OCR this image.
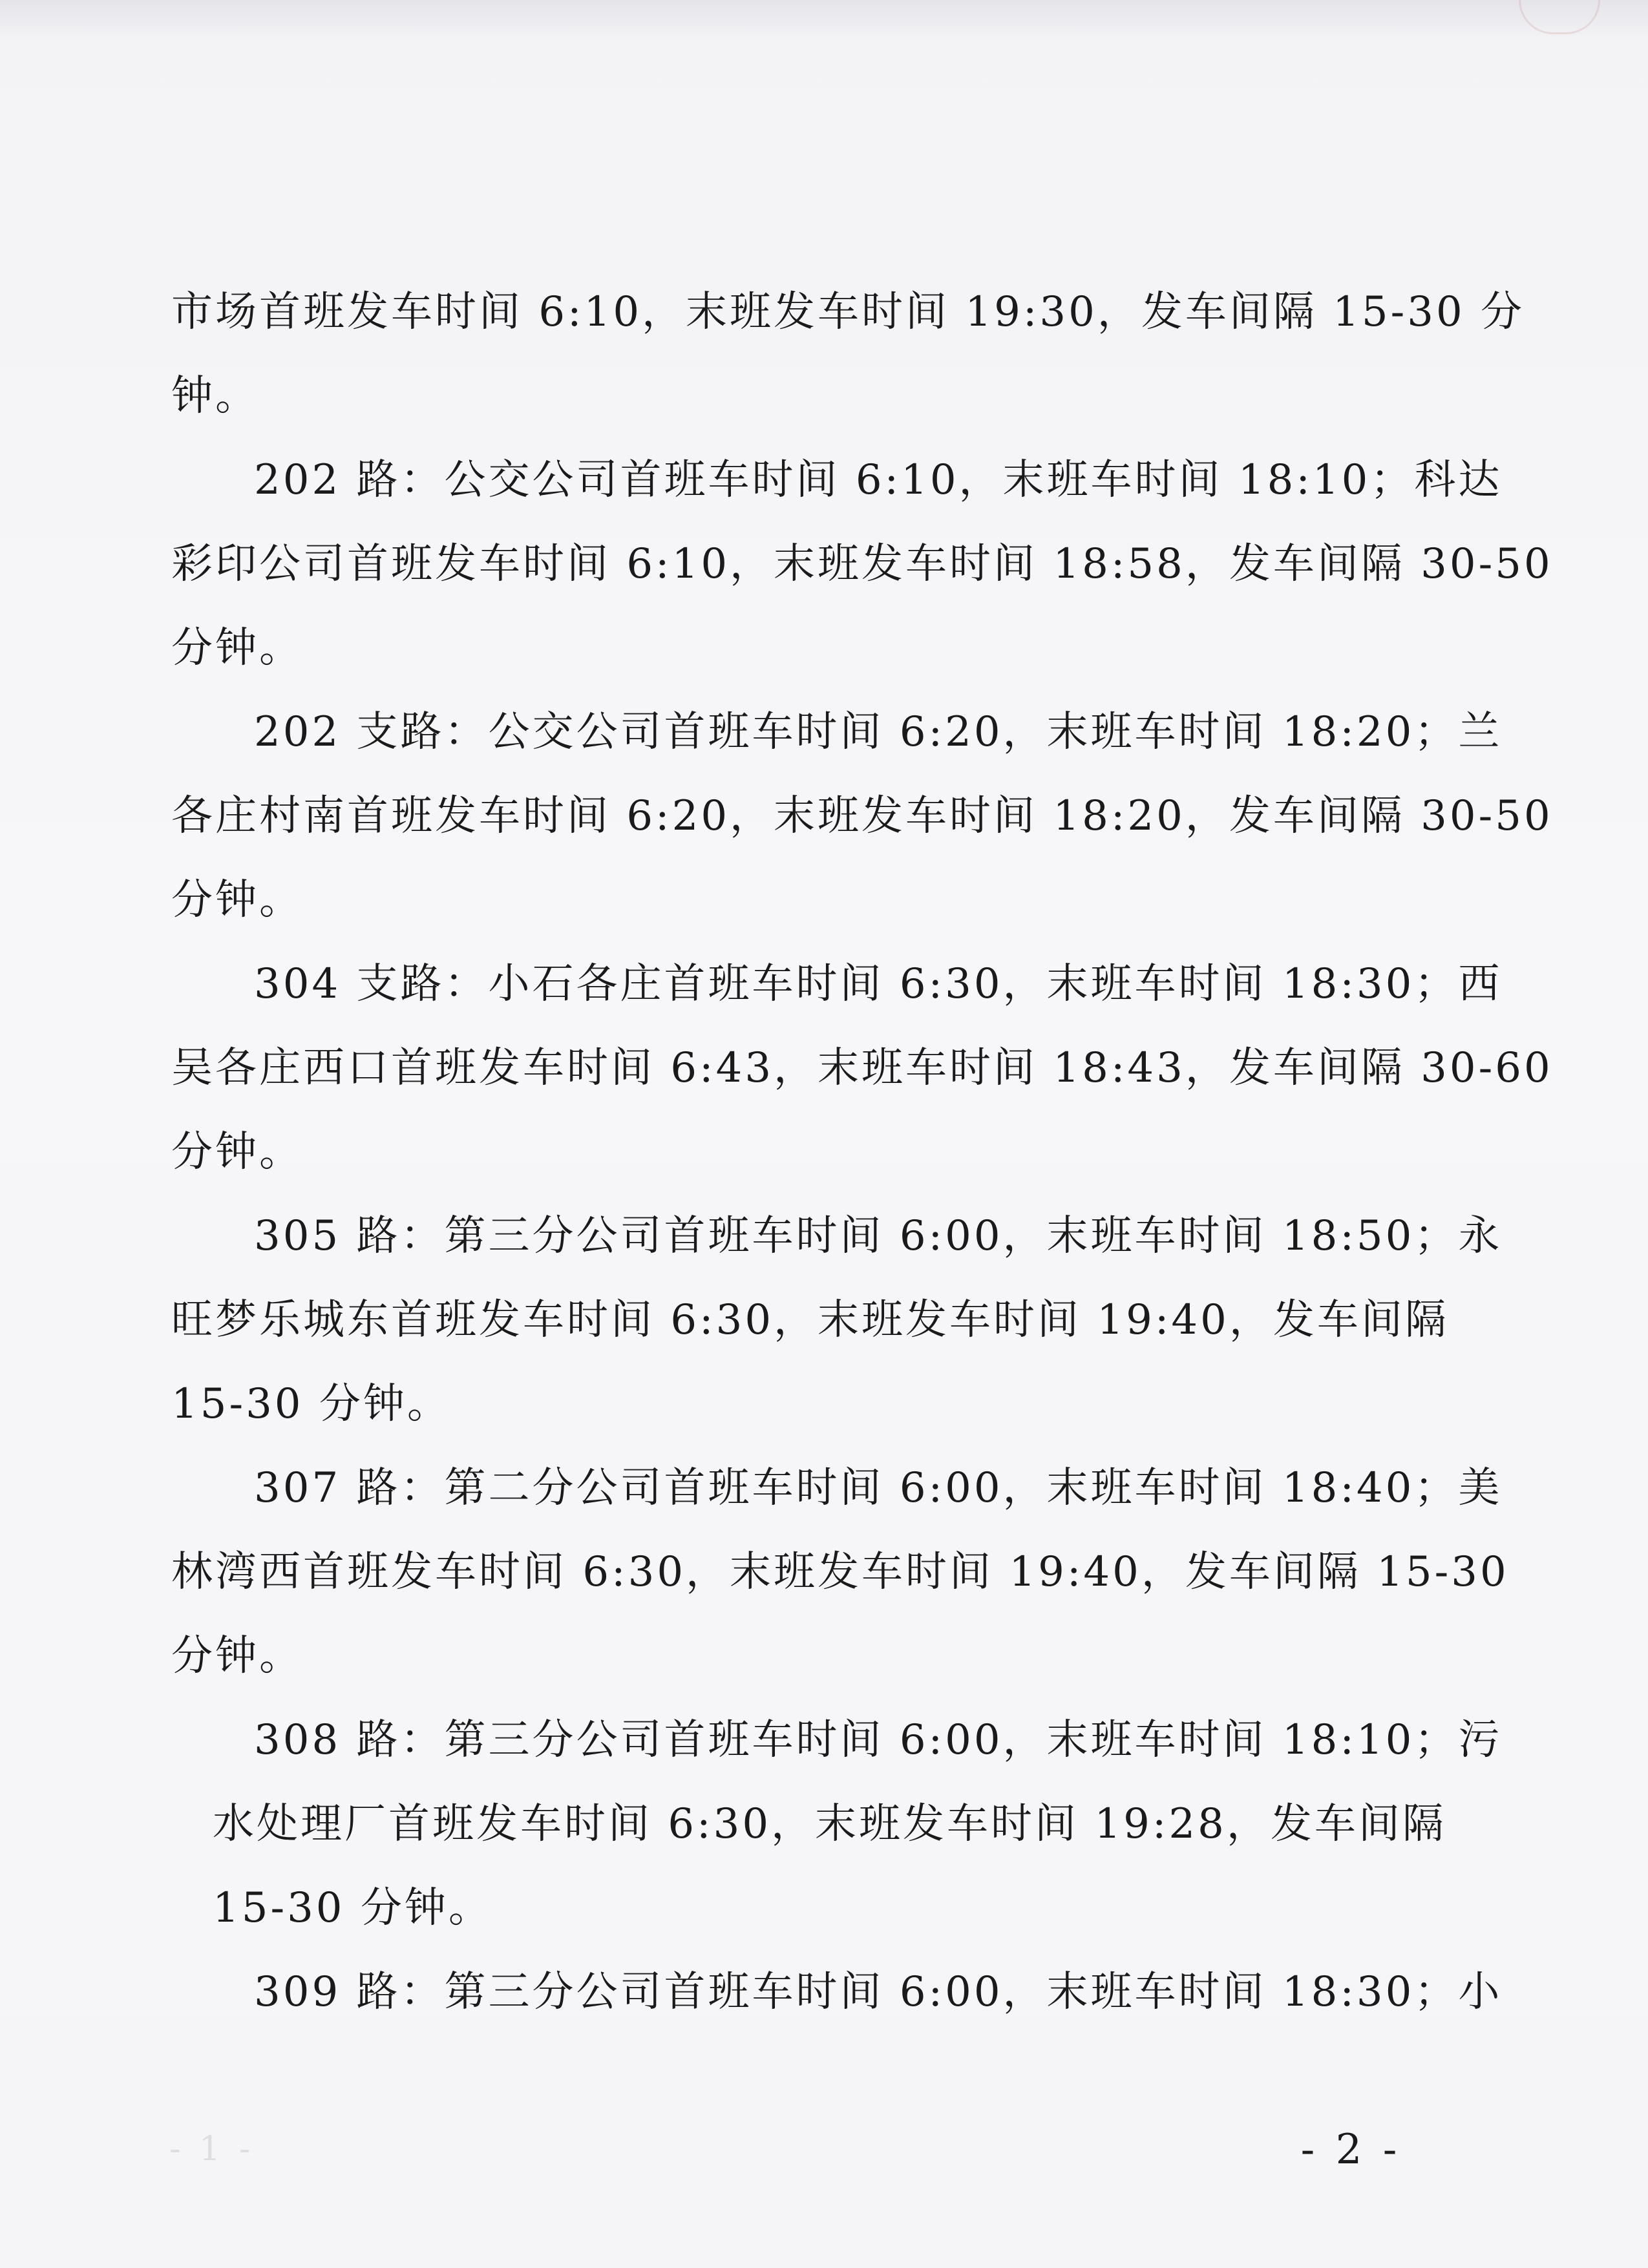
市场首班发车时间 6:10，末班发车时间 19:30，发车间隔 15-30 分
钟。
202 路：公交公司首班车时间 6:10，末班车时间 18:10；科达
彩印公司首班发车时间 6:10，末班发车时间 18:58，发车间隔 30-50
分钟。
202 支路：公交公司首班车时间 6:20，末班车时间 18:20；兰
各庄村南首班发车时间 6:20，末班发车时间 18:20，发车间隔 30-50
分钟。
304 支路：小石各庄首班车时间 6:30，末班车时间 18:30；西
吴各庄西口首班发车时间 6:43，末班车时间 18:43，发车间隔 30-60
分钟。
305 路：第三分公司首班车时间 6:00，末班车时间 18:50；永
旺梦乐城东首班发车时间 6:30，末班发车时间 19:40，发车间隔
15-30 分钟。
307 路：第二分公司首班车时间 6:00，末班车时间 18:40；美
林湾西首班发车时间 6:30，末班发车时间 19:40，发车间隔 15-30
分钟。
308 路：第三分公司首班车时间 6:00，末班车时间 18:10；污
水处理厂首班发车时间 6:30，末班发车时间 19:28，发车间隔
15-30 分钟。
309 路：第三分公司首班车时间 6:00，末班车时间 18:30；小
- 1 -	- 2 -
